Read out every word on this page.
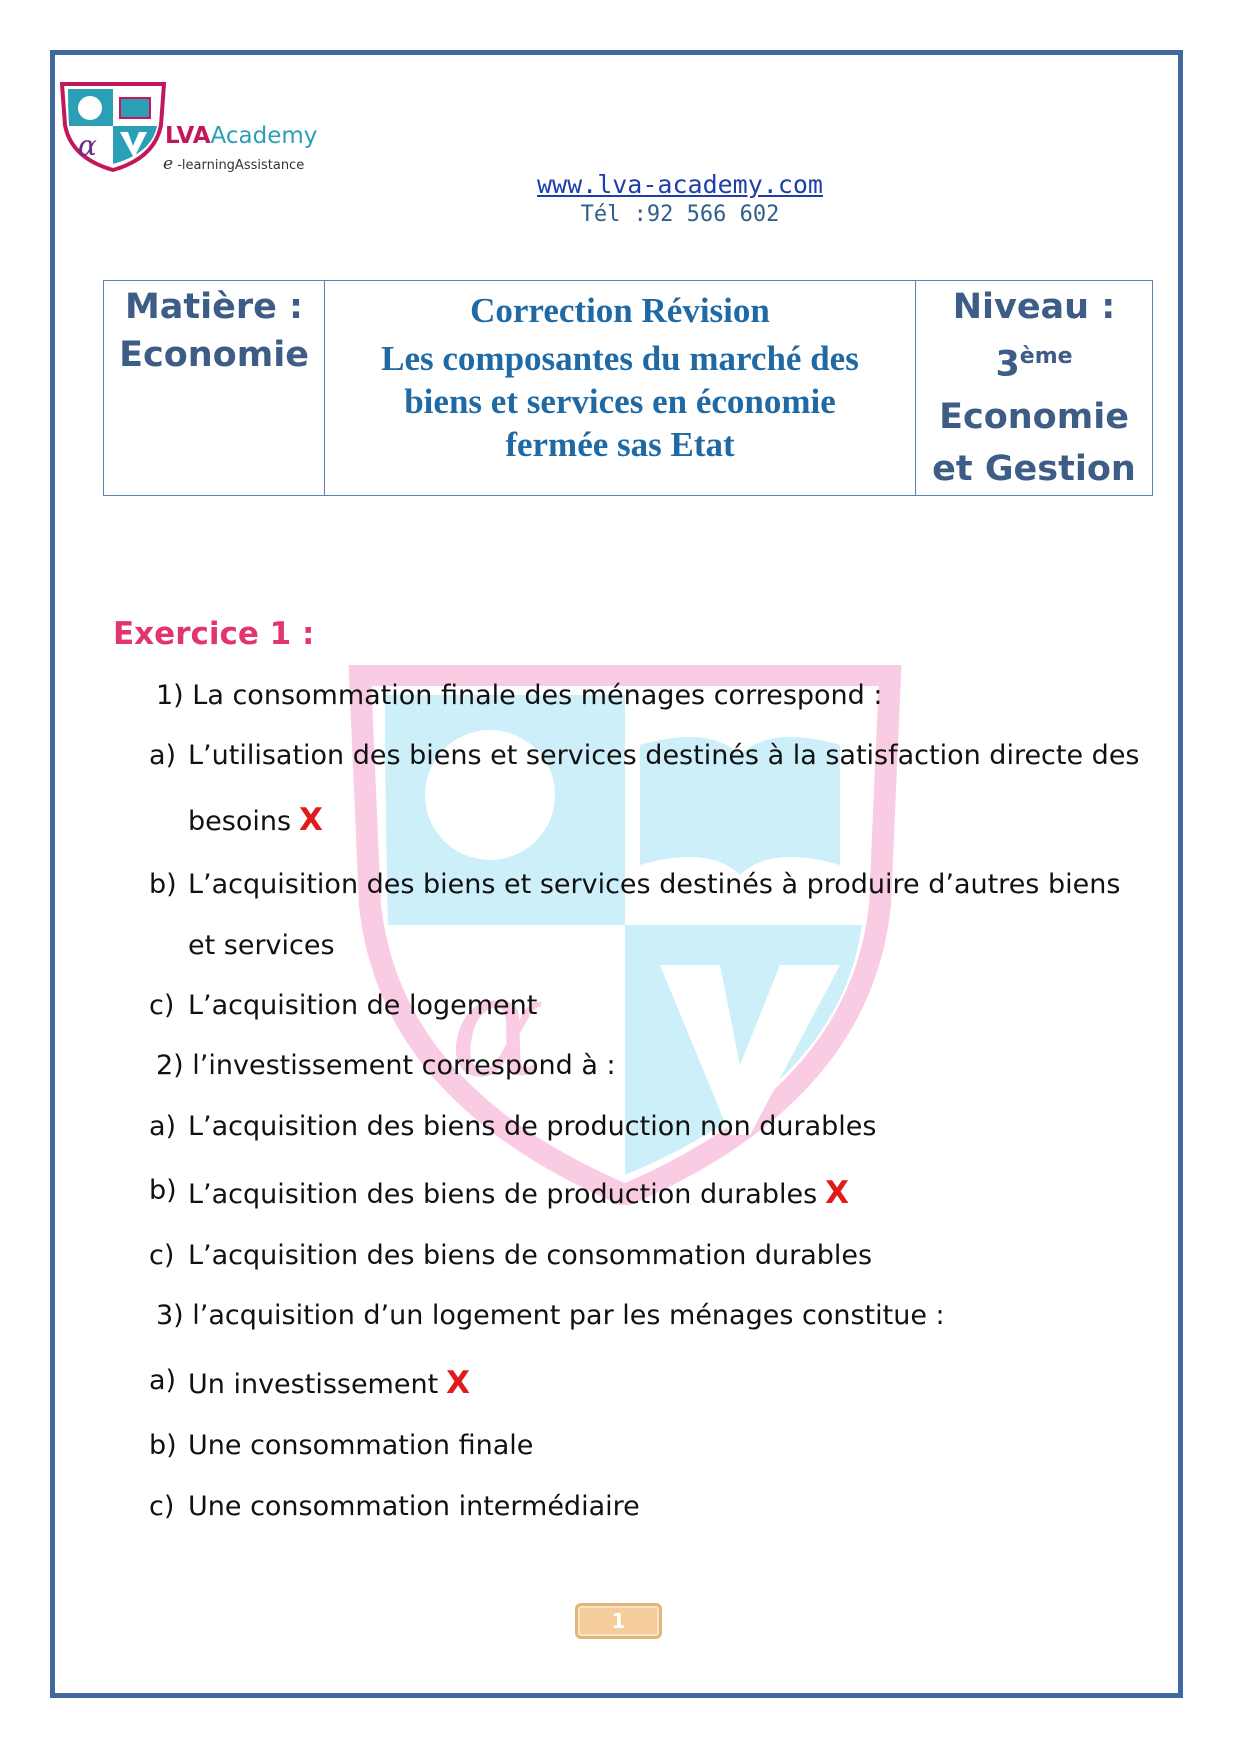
α
α	LVAAcademy
e -learningAssistance
www.lva-academy.com
Tél :92 566 602
Matière :
Economie

Correction Révision
Les composantes du marché des
biens et services en économie
fermée sas Etat

Niveau :
3ème
Economie
et Gestion
Exercice 1 :
1) La consommation finale des ménages correspond :
a) L’utilisation des biens et services destinés à la satisfaction directe des
besoins X
b) L’acquisition des biens et services destinés à produire d’autres biens
et services
c) L’acquisition de logement
2) l’investissement correspond à :
a) L’acquisition des biens de production non durables
b) L’acquisition des biens de production durables X
c) L’acquisition des biens de consommation durables
3) l’acquisition d’un logement par les ménages constitue :
a) Un investissement X
b) Une consommation finale
c) Une consommation intermédiaire
1
